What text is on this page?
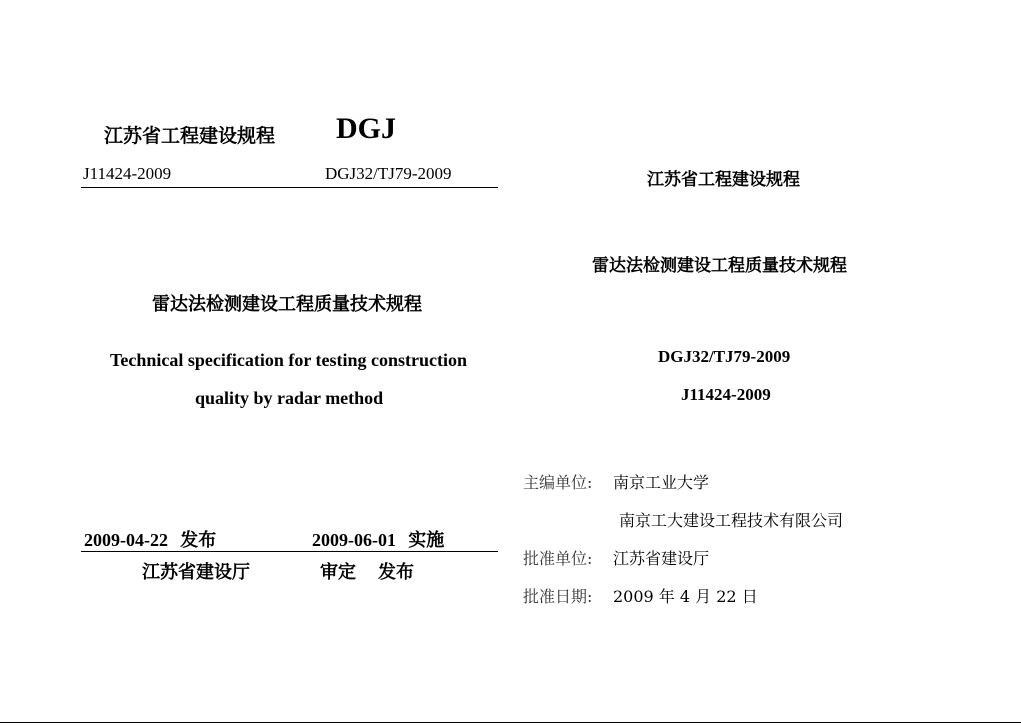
江苏省工程建设规程 DGJ
J11424-2009	DGJ32/TJ79-2009
雷达法检测建设工程质量技术规程
Technical specification for testing construction
quality by radar method
2009-04-22 发布	2009-06-01 实施
江苏省建设厅	审定 发布
江苏省工程建设规程
雷达法检测建设工程质量技术规程
DGJ32/TJ79-2009
J11424-2009
主编单位: 南京工业大学
南京工大建设工程技术有限公司
批准单位: 江苏省建设厅
批准日期: 2009 年 4 月 22 日
